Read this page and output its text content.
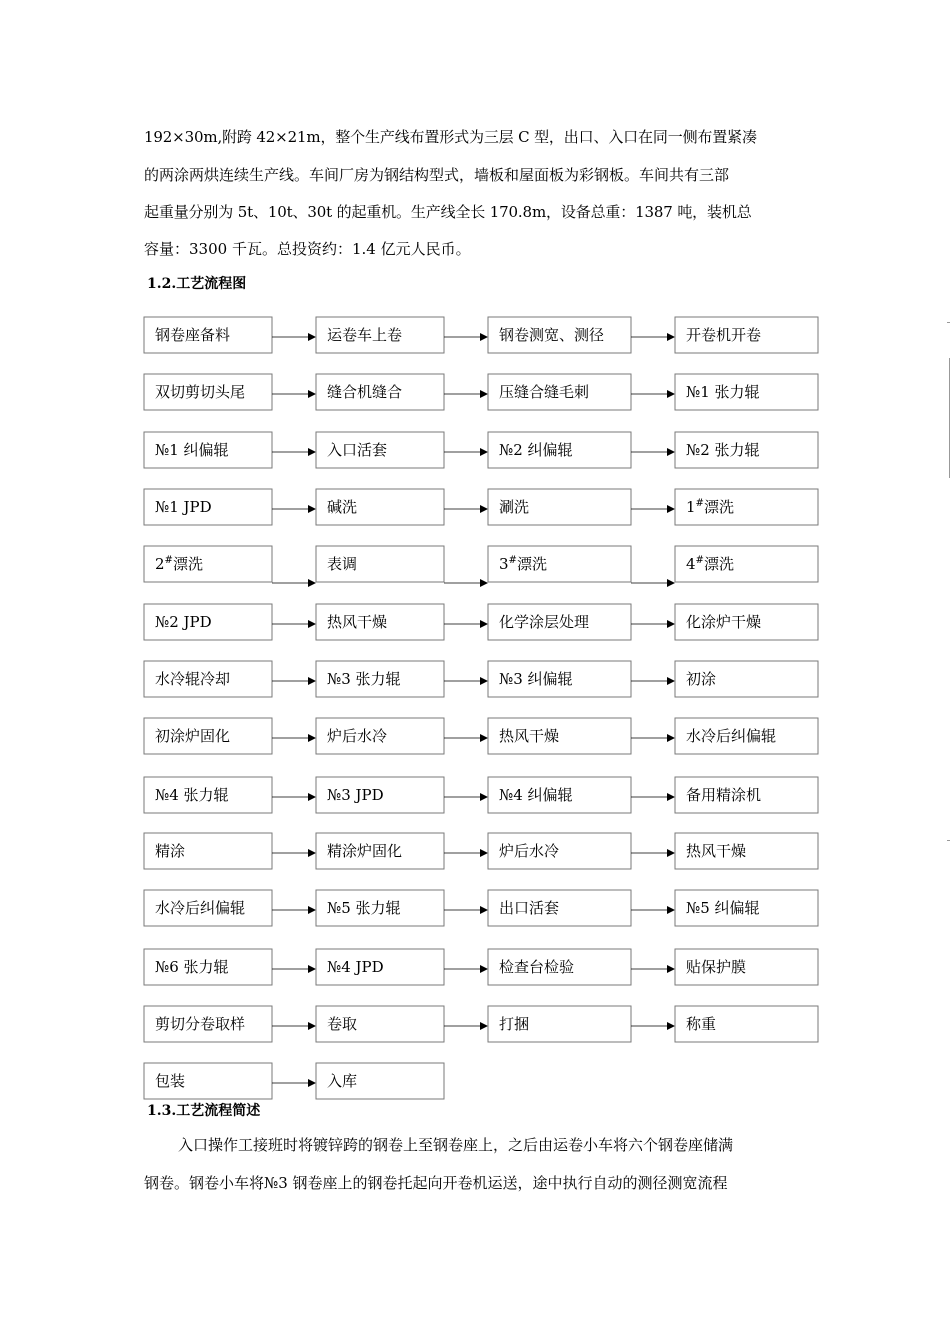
192×30m,附跨 42×21m，整个生产线布置形式为三层 C 型，出口、入口在同一侧布置紧凑
的两涂两烘连续生产线。车间厂房为钢结构型式，墙板和屋面板为彩钢板。车间共有三部
起重量分别为 5t、10t、30t 的起重机。生产线全长 170.8m，设备总重：1387 吨，装机总
容量：3300 千瓦。总投资约：1.4 亿元人民币。
1.2.工艺流程图
钢卷座备料	运卷车上卷	钢卷测宽、测径	开卷机开卷
双切剪切头尾	缝合机缝合	压缝合缝毛刺	№1 张力辊
№1 纠偏辊	入口活套	№2 纠偏辊	№2 张力辊
№1 JPD	碱洗	涮洗	1#漂洗
2#漂洗	表调	3#漂洗	4#漂洗
№2 JPD	热风干燥	化学涂层处理	化涂炉干燥
水冷辊冷却	№3 张力辊	№3 纠偏辊	初涂
初涂炉固化	炉后水冷	热风干燥	水冷后纠偏辊
№4 张力辊	№3 JPD	№4 纠偏辊	备用精涂机
精涂	精涂炉固化	炉后水冷	热风干燥
水冷后纠偏辊	№5 张力辊	出口活套	№5 纠偏辊
№6 张力辊	№4 JPD	检查台检验	贴保护膜
剪切分卷取样	卷取	打捆	称重
包装	入库
1.3.工艺流程简述
入口操作工接班时将镀锌跨的钢卷上至钢卷座上，之后由运卷小车将六个钢卷座储满
钢卷。钢卷小车将№3 钢卷座上的钢卷托起向开卷机运送，途中执行自动的测径测宽流程
